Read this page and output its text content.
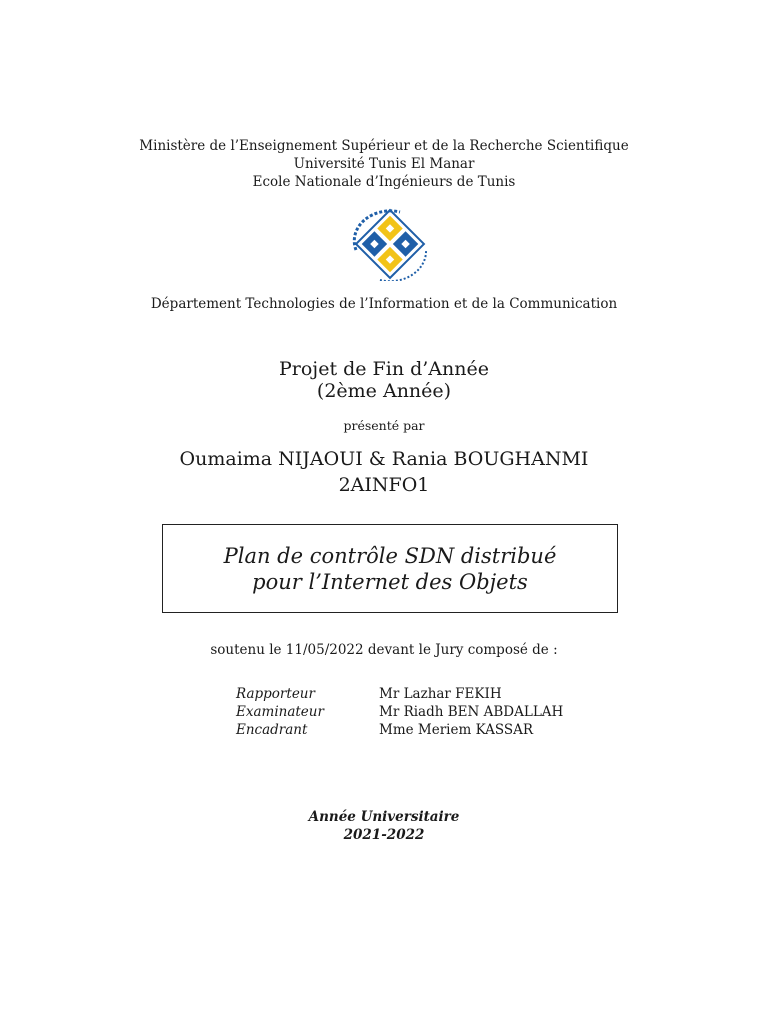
Ministère de l’Enseignement Supérieur et de la Recherche Scientifique
Université Tunis El Manar
Ecole Nationale d’Ingénieurs de Tunis
Département Technologies de l’Information et de la Communication
Projet de Fin d’Année
(2ème Année)
présenté par
Oumaima NIJAOUI & Rania BOUGHANMI
2AINFO1
Plan de contrôle SDN distribué
pour l’Internet des Objets
soutenu le 11/05/2022 devant le Jury composé de :
Rapporteur	Mr Lazhar FEKIH
Examinateur	Mr Riadh BEN ABDALLAH
Encadrant	Mme Meriem KASSAR
Année Universitaire
2021-2022
